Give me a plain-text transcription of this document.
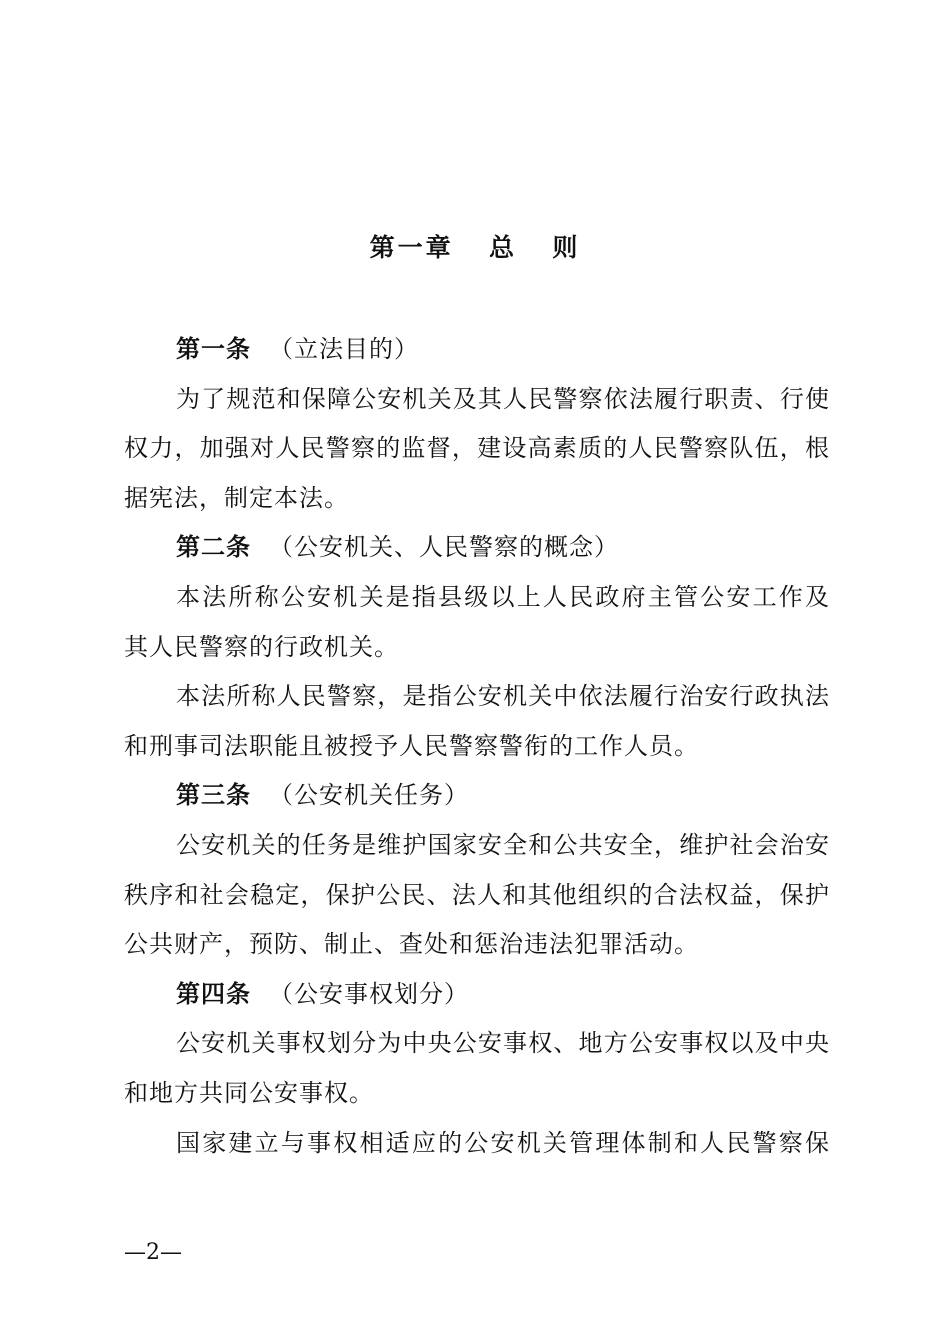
第一章  总  则
第一条 （立法目的）
为了规范和保障公安机关及其人民警察依法履行职责、行使
权力，加强对人民警察的监督，建设高素质的人民警察队伍，根
据宪法，制定本法。
第二条 （公安机关、人民警察的概念）
本法所称公安机关是指县级以上人民政府主管公安工作及
其人民警察的行政机关。
本法所称人民警察，是指公安机关中依法履行治安行政执法
和刑事司法职能且被授予人民警察警衔的工作人员。
第三条 （公安机关任务）
公安机关的任务是维护国家安全和公共安全，维护社会治安
秩序和社会稳定，保护公民、法人和其他组织的合法权益，保护
公共财产，预防、制止、查处和惩治违法犯罪活动。
第四条 （公安事权划分）
公安机关事权划分为中央公安事权、地方公安事权以及中央
和地方共同公安事权。
国家建立与事权相适应的公安机关管理体制和人民警察保
—2—
